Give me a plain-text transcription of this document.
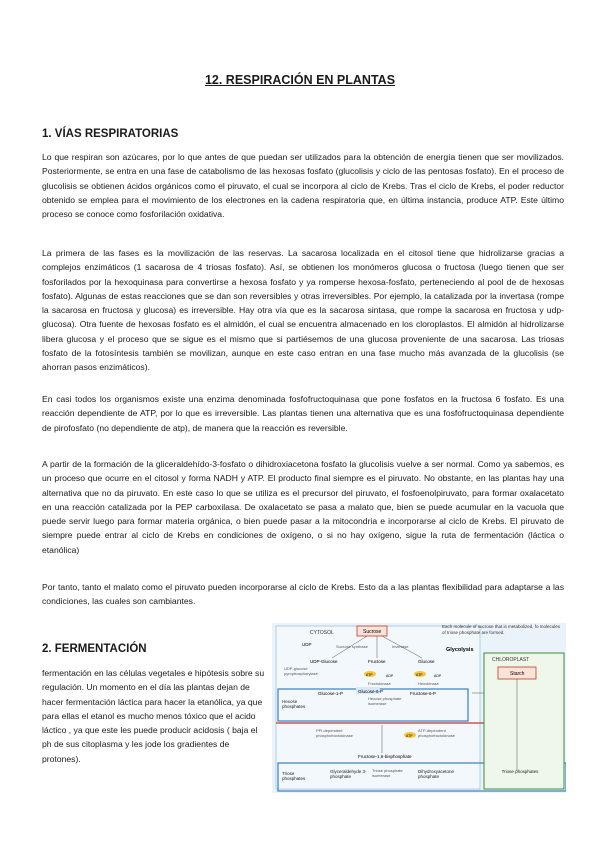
12. RESPIRACIÓN EN PLANTAS
1. VÍAS RESPIRATORIAS

Lo que respiran son azúcares, por lo que antes de que puedan ser utilizados para la obtención de energía tienen que ser movilizados. Posteriormente, se entra en una fase de catabolismo de las hexosas fosfato (glucolisis y ciclo de las pentosas fosfato). En el proceso de glucolisis se obtienen ácidos orgánicos como el piruvato, el cual se incorpora al ciclo de Krebs. Tras el ciclo de Krebs, el poder reductor obtenido se emplea para el movimiento de los electrones en la cadena respiratoria que, en última instancia, produce ATP. Este último proceso se conoce como fosforilación oxidativa.

La primera de las fases es la movilización de las reservas. La sacarosa localizada en el citosol tiene que hidrolizarse gracias a complejos enzimáticos (1 sacarosa de 4 triosas fosfato). Así, se obtienen los monómeros glucosa o fructosa (luego tienen que ser fosforilados por la hexoquinasa para convertirse a hexosa fosfato y ya romperse hexosa-fosfato, perteneciendo al pool de de hexosas fosfato). Algunas de estas reacciones que se dan son reversibles y otras irreversibles. Por ejemplo, la catalizada por la invertasa (rompe la sacarosa en fructosa y glucosa) es irreversible. Hay otra vía que es la sacarosa sintasa, que rompe la sacarosa en fructosa y udp-glucosa). Otra fuente de hexosas fosfato es el almidón, el cual se encuentra almacenado en los cloroplastos. El almidón al hidrolizarse libera glucosa y el proceso que se sigue es el mismo que si partiésemos de una glucosa proveniente de una sacarosa. Las triosas fosfato de la fotosíntesis también se movilizan, aunque en este caso entran en una fase mucho más avanzada de la glucolisis (se ahorran pasos enzimáticos).

En casi todos los organismos existe una enzima denominada fosfofructoquinasa que pone fosfatos en la fructosa 6 fosfato. Es una reacción dependiente de ATP, por lo que es irreversible. Las plantas tienen una alternativa que es una fosfofructoquinasa dependiente de pirofosfato (no dependiente de atp), de manera que la reacción es reversible.

A partir de la formación de la gliceraldehído-3-fosfato o dihidroxiacetona fosfato la glucolisis vuelve a ser normal. Como ya sabemos, es un proceso que ocurre en el citosol y forma NADH y ATP. El producto final siempre es el piruvato. No obstante, en las plantas hay una alternativa que no da piruvato. En este caso lo que se utiliza es el precursor del piruvato, el fosfoenolpiruvato, para formar oxalacetato en una reacción catalizada por la PEP carboxilasa. De oxalacetato se pasa a malato que, bien se puede acumular en la vacuola que puede servir luego para formar materia orgánica, o bien puede pasar a la mitocondria e incorporarse al ciclo de Krebs. El piruvato de siempre puede entrar al ciclo de Krebs en condiciones de oxígeno, o si no hay oxígeno, sigue la ruta de fermentación (láctica o etanólica)

Por tanto, tanto el malato como el piruvato pueden incorporarse al ciclo de Krebs. Esto da a las plantas flexibilidad para adaptarse a las condiciones, las cuales son cambiantes.

2. FERMENTACIÓN

fermentación en las células vegetales e hipótesis sobre su regulación. Un momento en el día las plantas dejan de hacer fermentación láctica para hacer la etanólica, ya que para ellas el etanol es mucho menos tóxico que el acido láctico , ya que este les puede producir acidosis ( baja el ph de sus citoplasma y les jode los gradientes de protones).

CYTOSOL	Sucrose
UDP
Each molecule of sucrose that is metabolized, fo molecules of triose phosphate are formed.
Glycolysis
Sucrose synthase	Invertase
UDP-Glucose	Fructose	Glucose
ATP	ATP
ADP	ADP
Fructokinase	Hexokinase
UDP-glucose pyrophosphorylase
Glucose-1-P	Glucose-6-P	Fructose-6-P
Hexose phosphates
Hexose phosphate isomerase
ATP
PPi-dependent phosphofructokinase
ATP-dependent phosphofructokinase
Fructose-1,6-bisphosphate
Triose phosphates
Glyceraldehyde 3-phosphate
Triose phosphate isomerase
Dihydroxyacetone phosphate
CHLOROPLAST
Starch
Triose phosphates
